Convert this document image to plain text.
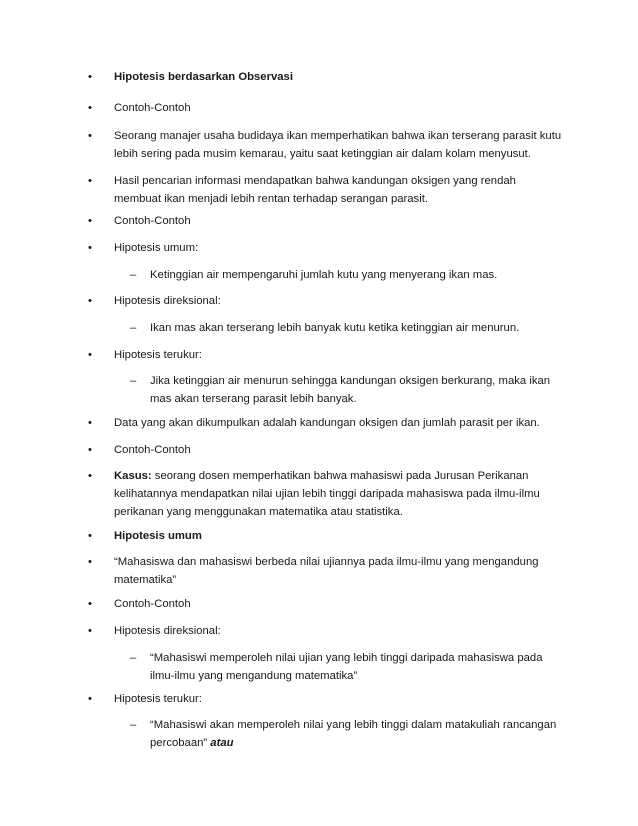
• Hipotesis berdasarkan Observasi
• Contoh-Contoh
• Seorang manajer usaha budidaya ikan memperhatikan bahwa ikan terserang parasit kutu lebih sering pada musim kemarau, yaitu saat ketinggian air dalam kolam menyusut.
• Hasil pencarian informasi mendapatkan bahwa kandungan oksigen yang rendah membuat ikan menjadi lebih rentan terhadap serangan parasit.
• Contoh-Contoh
• Hipotesis umum:
– Ketinggian air mempengaruhi jumlah kutu yang menyerang ikan mas.
• Hipotesis direksional:
– Ikan mas akan terserang lebih banyak kutu ketika ketinggian air menurun.
• Hipotesis terukur:
– Jika ketinggian air menurun sehingga kandungan oksigen berkurang, maka ikan mas akan terserang parasit lebih banyak.
• Data yang akan dikumpulkan adalah kandungan oksigen dan jumlah parasit per ikan.
• Contoh-Contoh
• Kasus: seorang dosen memperhatikan bahwa mahasiswi pada Jurusan Perikanan kelihatannya mendapatkan nilai ujian lebih tinggi daripada mahasiswa pada ilmu-ilmu perikanan yang menggunakan matematika atau statistika.
• Hipotesis umum
• “Mahasiswa dan mahasiswi berbeda nilai ujiannya pada ilmu-ilmu yang mengandung matematika”
• Contoh-Contoh
• Hipotesis direksional:
– “Mahasiswi memperoleh nilai ujian yang lebih tinggi daripada mahasiswa pada ilmu-ilmu yang mengandung matematika”
• Hipotesis terukur:
– “Mahasiswi akan memperoleh nilai yang lebih tinggi dalam matakuliah rancangan percobaan” atau
